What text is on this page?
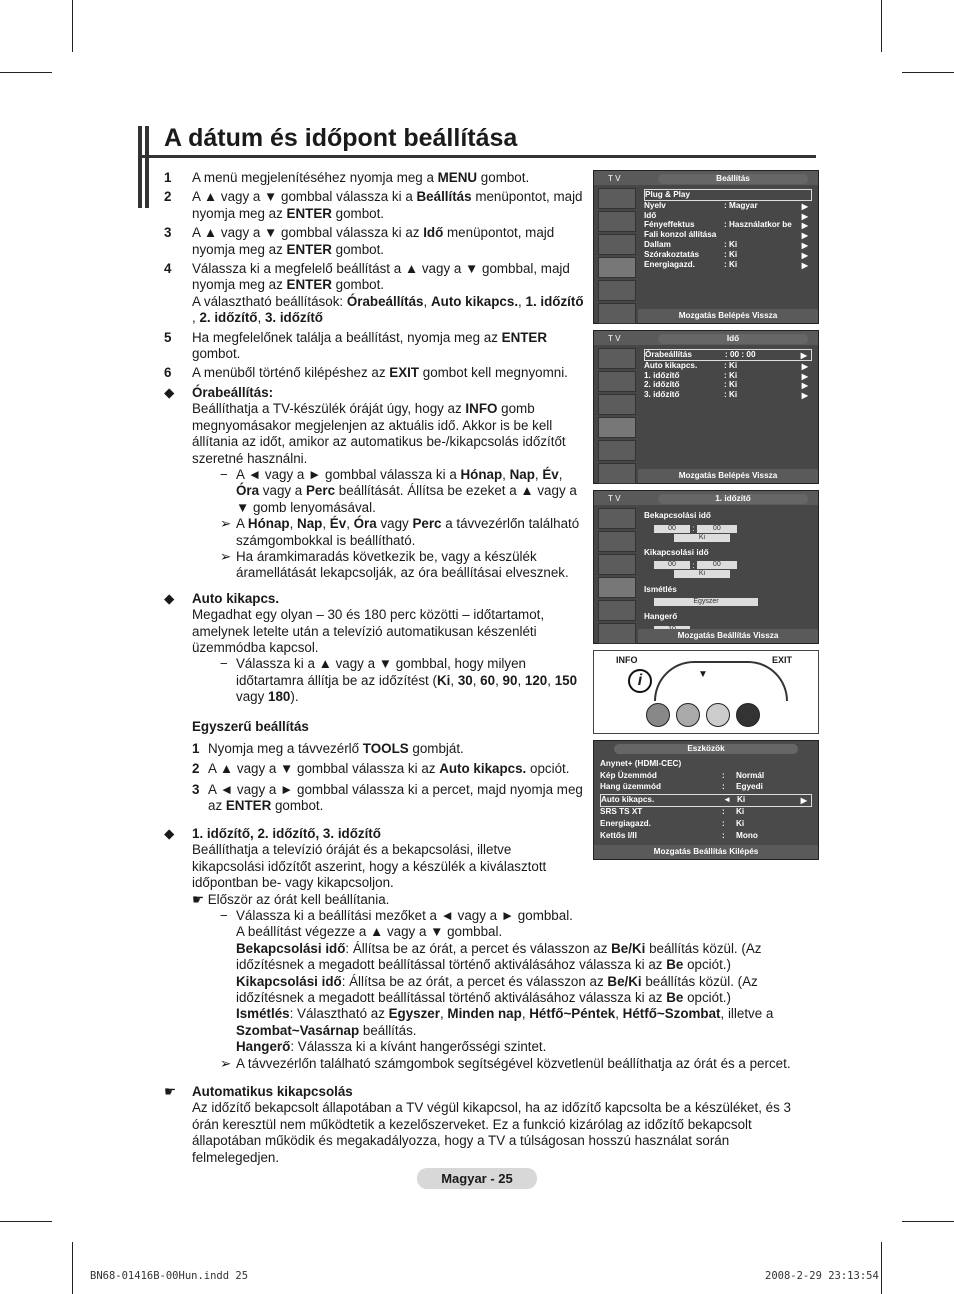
A dátum és időpont beállítása
1 A menü megjelenítéséhez nyomja meg a MENU gombot.
2 A ▲ vagy a ▼ gombbal válassza ki a Beállítás menüpontot, majd nyomja meg az ENTER gombot.
3 A ▲ vagy a ▼ gombbal válassza ki az Idő menüpontot, majd nyomja meg az ENTER gombot.
4 Válassza ki a megfelelő beállítást a ▲ vagy a ▼ gombbal, majd nyomja meg az ENTER gombot.
A választható beállítások: Órabeállítás, Auto kikapcs., 1. időzítő , 2. időzítő, 3. időzítő
5 Ha megfelelőnek találja a beállítást, nyomja meg az ENTER gombot.
6 A menüből történő kilépéshez az EXIT gombot kell megnyomni.
◆ Órabeállítás:
Beállíthatja a TV-készülék óráját úgy, hogy az INFO gomb megnyomásakor megjelenjen az aktuális idő. Akkor is be kell állítania az időt, amikor az automatikus be-/kikapcsolás időzítőt szeretné használni.
− A ◄ vagy a ► gombbal válassza ki a Hónap, Nap, Év, Óra vagy a Perc beállítását. Állítsa be ezeket a ▲ vagy a ▼ gomb lenyomásával.
➢ A Hónap, Nap, Év, Óra vagy Perc a távvezérlőn található számgombokkal is beállítható.
➢ Ha áramkimaradás következik be, vagy a készülék áramellátását lekapcsolják, az óra beállításai elvesznek.
◆ Auto kikapcs.
Megadhat egy olyan – 30 és 180 perc közötti – időtartamot, amelynek letelte után a televízió automatikusan készenléti üzemmódba kapcsol.
− Válassza ki a ▲ vagy a ▼ gombbal, hogy milyen időtartamra állítja be az időzítést (Ki, 30, 60, 90, 120, 150 vagy 180).
Egyszerű beállítás
1 Nyomja meg a távvezérlő TOOLS gombját.
2 A ▲ vagy a ▼ gombbal válassza ki az Auto kikapcs. opciót.
3 A ◄ vagy a ► gombbal válassza ki a percet, majd nyomja meg az ENTER gombot.
◆ 1. időzítő, 2. időzítő, 3. időzítő

Beállíthatja a televízió óráját és a bekapcsolási, illetve kikapcsolási időzítőt aszerint, hogy a készülék a kiválasztott időpontban be- vagy kikapcsoljon.
☛ Először az órát kell beállítania.
− Válassza ki a beállítási mezőket a ◄ vagy a ► gombbal.
A beállítást végezze a ▲ vagy a ▼ gombbal.
Bekapcsolási idő: Állítsa be az órát, a percet és válasszon az Be/Ki beállítás közül. (Az időzítésnek a megadott beállítással történő aktiválásához válassza ki az Be opciót.)
Kikapcsolási idő: Állítsa be az órát, a percet és válasszon az Be/Ki beállítás közül. (Az időzítésnek a megadott beállítással történő aktiválásához válassza ki az Be opciót.)
Ismétlés: Választható az Egyszer, Minden nap, Hétfő~Péntek, Hétfő~Szombat, illetve a Szombat~Vasárnap beállítás.
Hangerő: Válassza ki a kívánt hangerősségi szintet.
➢ A távvezérlőn található számgombok segítségével közvetlenül beállíthatja az órát és a percet.
☛ Automatikus kikapcsolás
Az időzítő bekapcsolt állapotában a TV végül kikapcsol, ha az időzítő kapcsolta be a készüléket, és 3 órán keresztül nem működtetik a kezelőszerveket. Ez a funkció kizárólag az időzítő bekapcsolt állapotában működik és megakadályozza, hogy a TV a túlságosan hosszú használat során felmelegedjen.
Magyar - 25
BN68-01416B-00Hun.indd 25	2008-2-29 23:13:54
T V	Beállítás
Plug & Play
Nyelv	: Magyar	▶
Idő	▶
Fényeffektus	: Használatkor be ▶
Fali konzol állítása	▶
Dallam	: Ki	▶
Szórakoztatás	: Ki	▶
Energiagazd.	: Ki	▶
Mozgatás Belépés Vissza
T V	Idő
Órabeállítás	: 00 : 00	▶
Auto kikapcs.	: Ki	▶
1. időzítő	: Ki	▶
2. időzítő	: Ki	▶
3. időzítő	: Ki	▶
Mozgatás Belépés Vissza
T V	1. időzítő
Bekapcsolási idő
00 : 00   Ki
Kikapcsolási idő
00 : 00   Ki
Ismétlés
Egyszer
Hangerő
Mozgatás Beállítás Vissza
INFO	EXIT
i	▼
Eszközök
Anynet+ (HDMI-CEC)
Kép Üzemmód	: Normál
Hang üzemmód	: Egyedi
Auto kikapcs.	◄ Ki	▶
SRS TS XT	: Ki
Energiagazd.	: Ki
Kettős I/II	: Mono
Mozgatás Beállítás Kilépés
